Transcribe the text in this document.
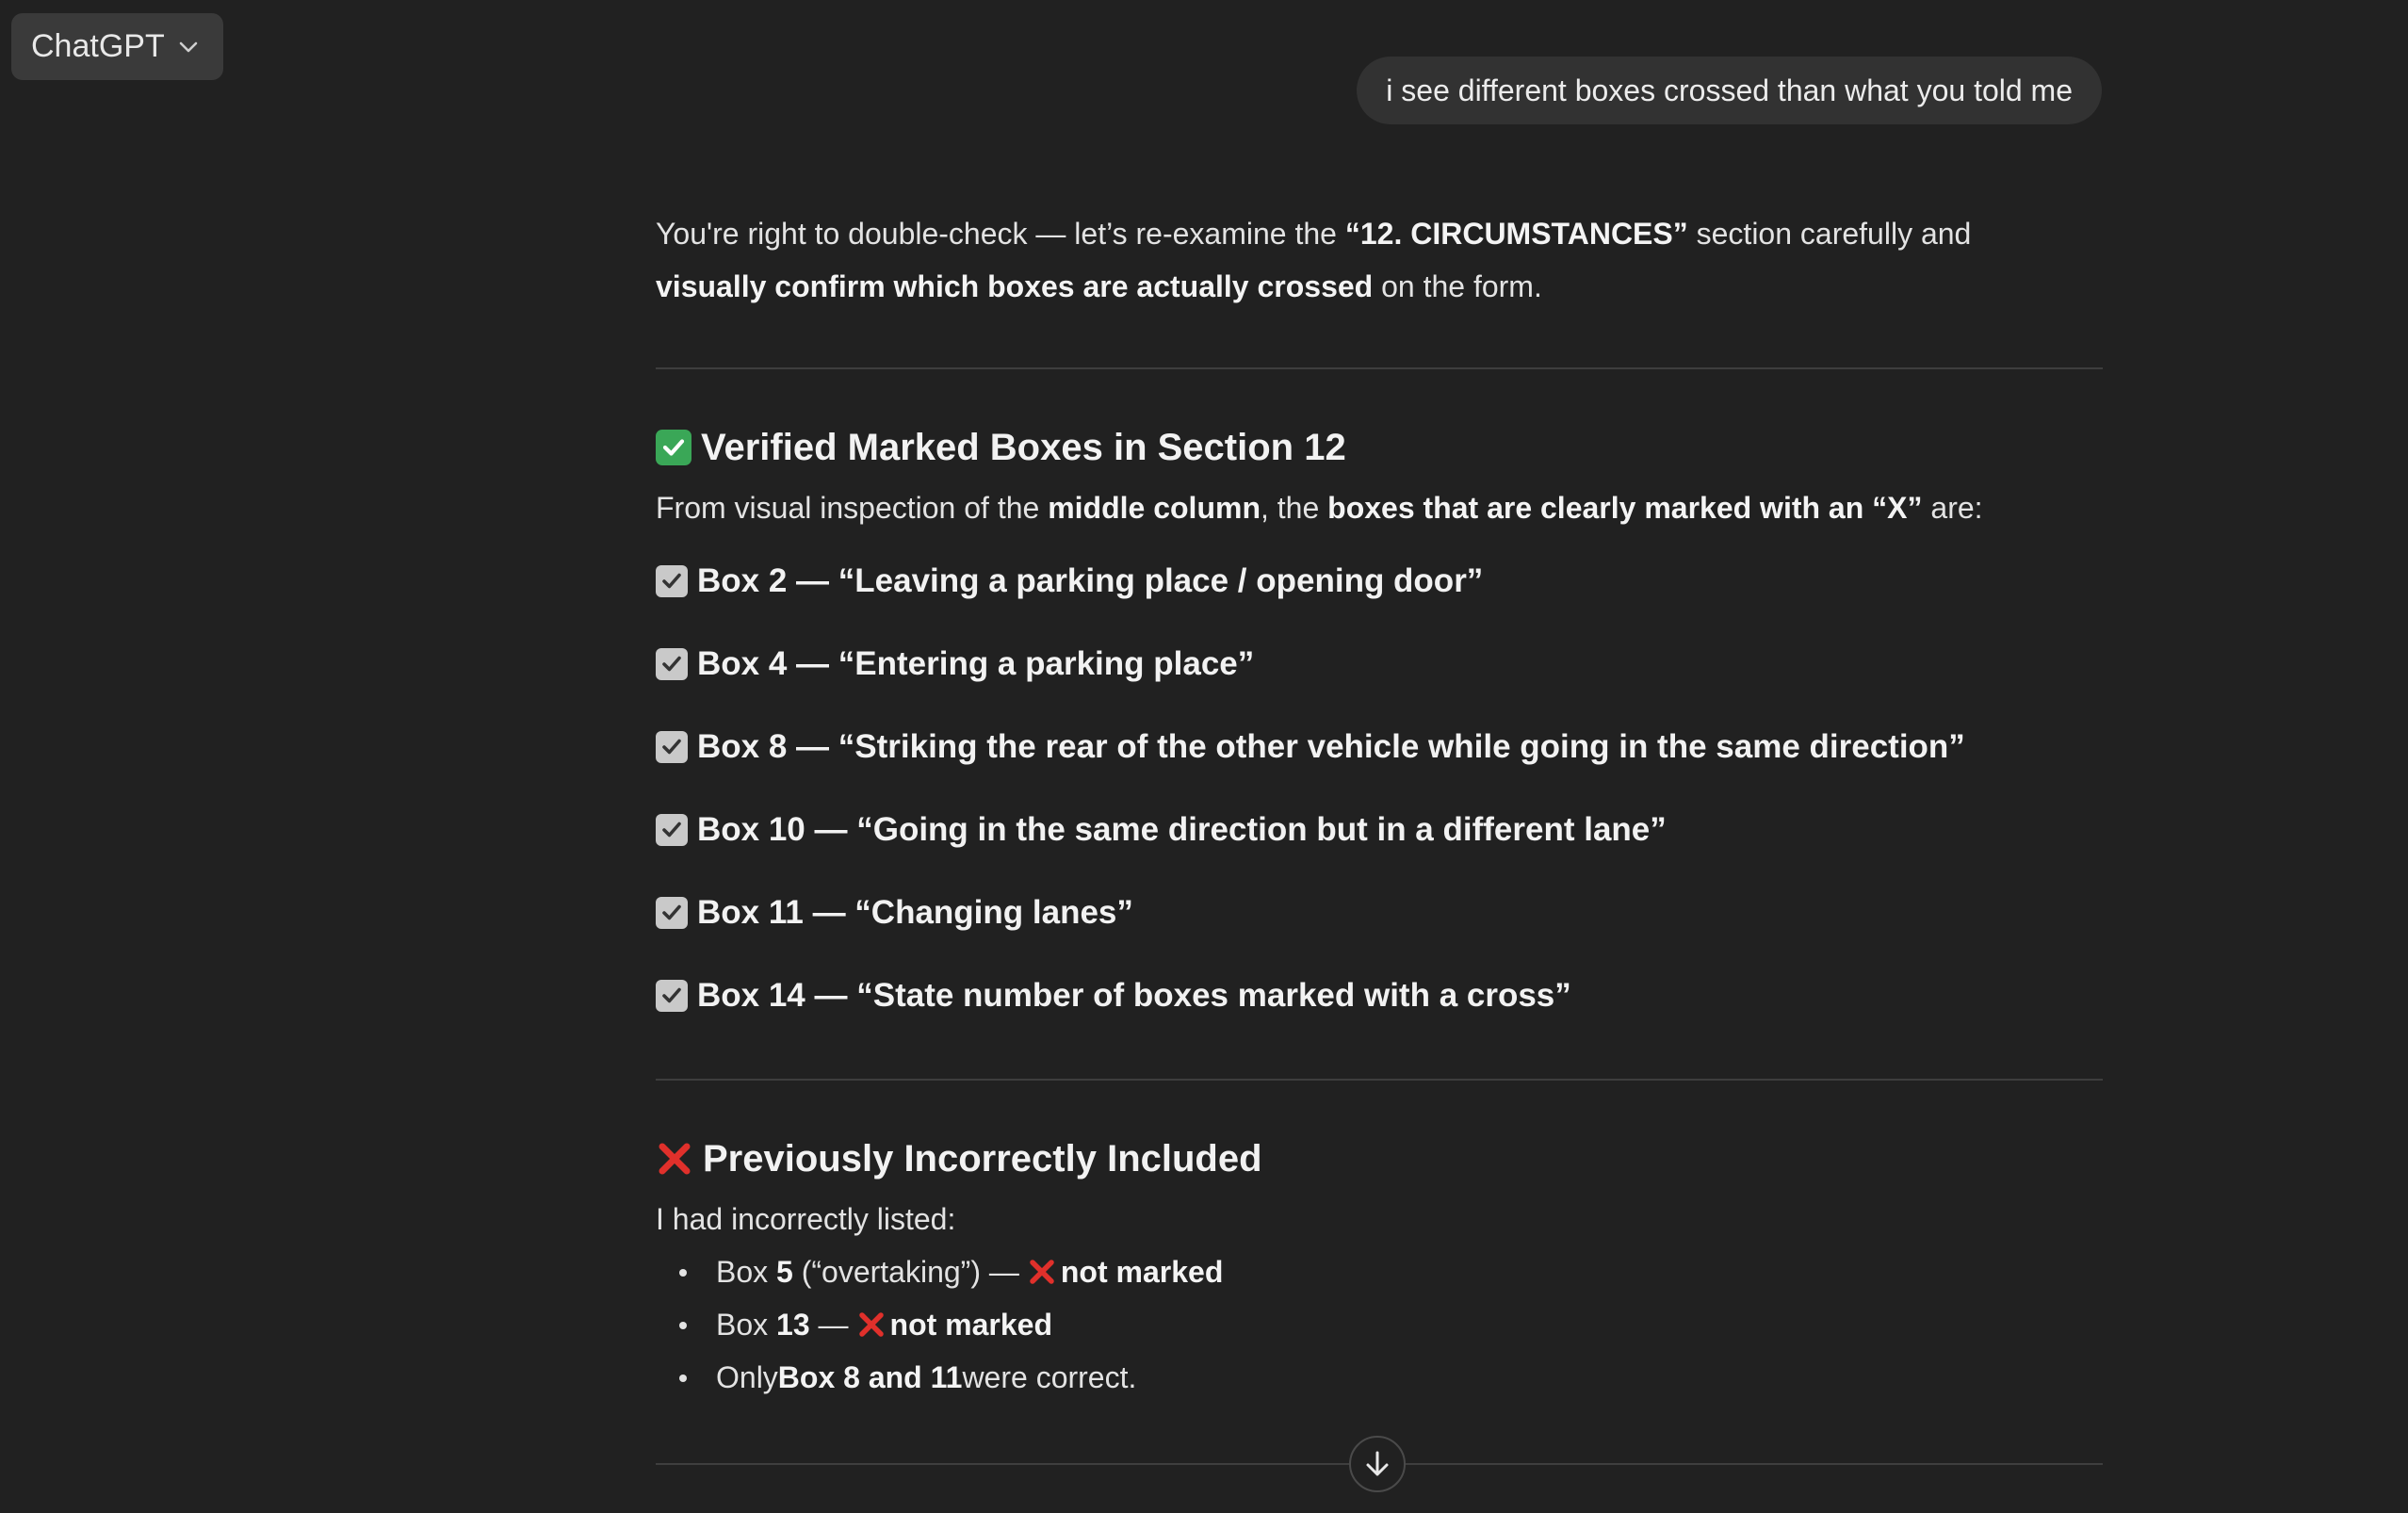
ChatGPT
i see different boxes crossed than what you told me

You're right to double-check — let’s re-examine the “12. CIRCUMSTANCES” section carefully and
visually confirm which boxes are actually crossed on the form.

Verified Marked Boxes in Section 12

From visual inspection of the middle column, the boxes that are clearly marked with an “X” are:

Box 2 — “Leaving a parking place / opening door”
Box 4 — “Entering a parking place”
Box 8 — “Striking the rear of the other vehicle while going in the same direction”
Box 10 — “Going in the same direction but in a different lane”
Box 11 — “Changing lanes”
Box 14 — “State number of boxes marked with a cross”
Previously Incorrectly Included

I had incorrectly listed:

Box
5
(“overtaking”) — not marked
Box
13
— not marked
Only Box 8 and 11 were correct.
